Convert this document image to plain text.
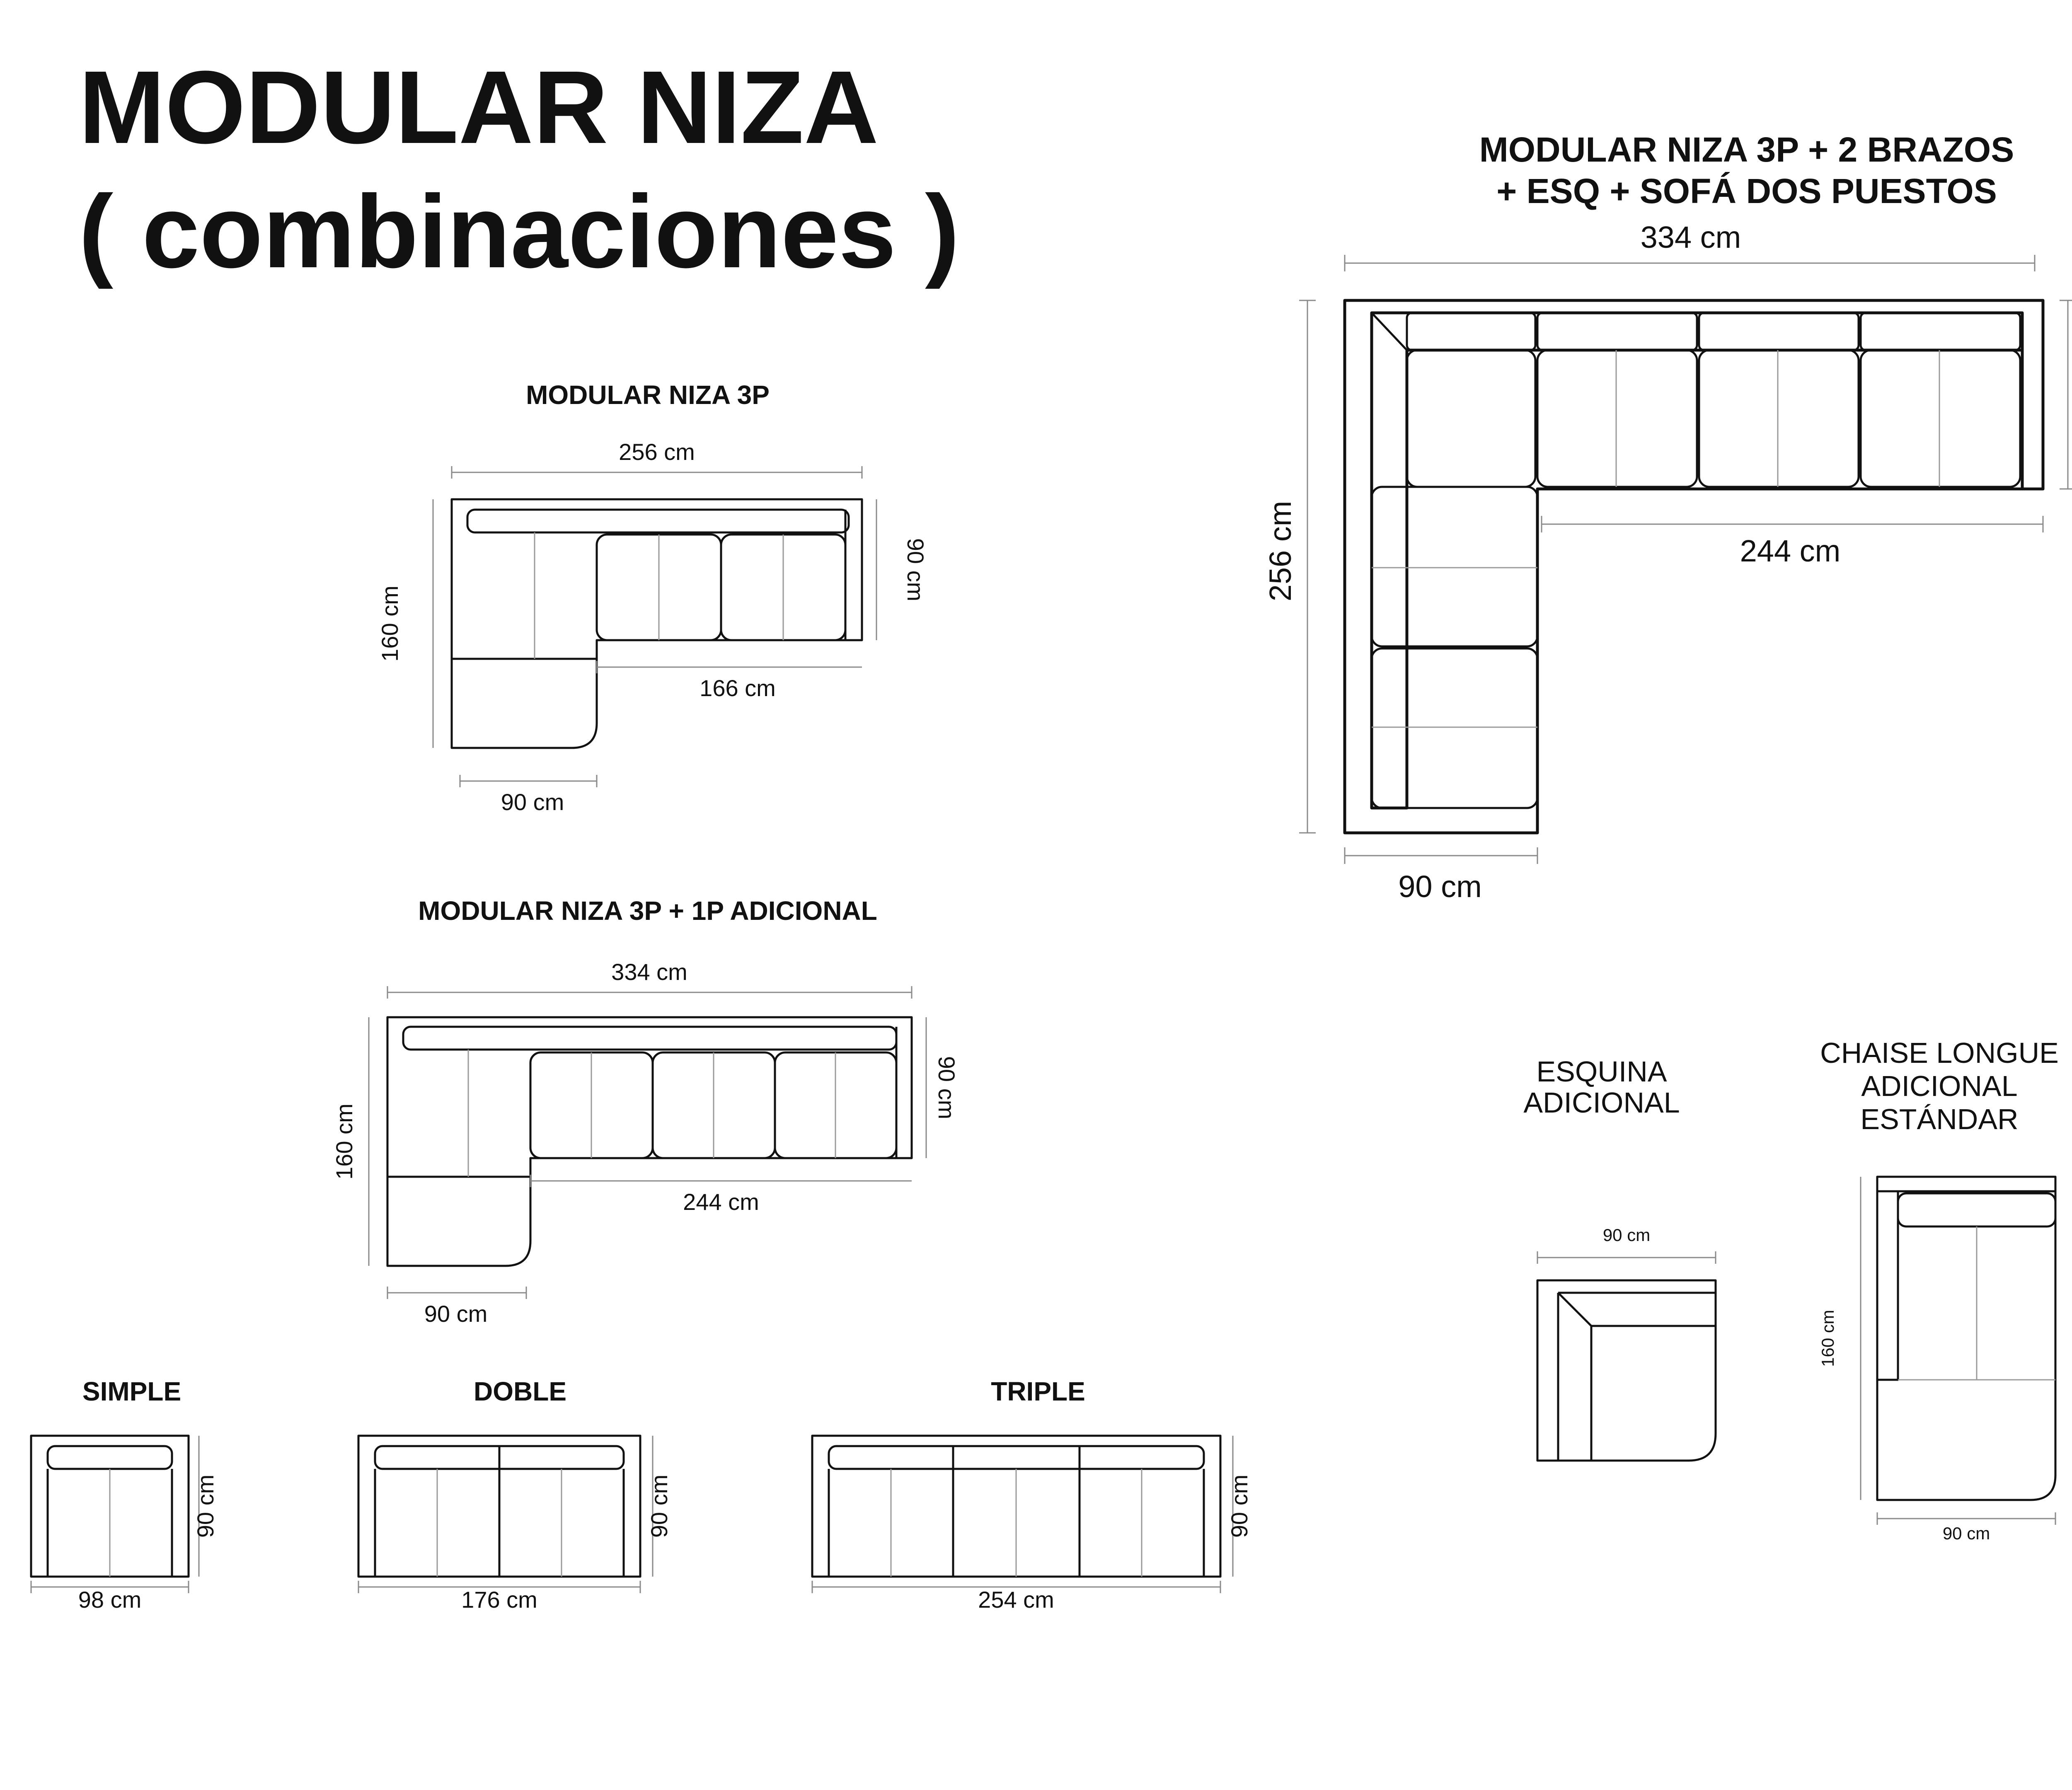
MODULAR NIZA
( combinaciones )
MODULAR NIZA 3P
256 cm
160 cm
90 cm
166 cm
90 cm
MODULAR NIZA 3P + 1P ADICIONAL
334 cm
160 cm
90 cm
244 cm
90 cm
MODULAR NIZA 3P + 2 BRAZOS
+ ESQ + SOFÁ DOS PUESTOS
334 cm
256 cm	244 cm
90 cm
SIMPLE
98 cm
90 cm
DOBLE
176 cm
90 cm
TRIPLE
254 cm
90 cm
ESQUINA
ADICIONAL
90 cm
CHAISE LONGUE
ADICIONAL
ESTÁNDAR
160 cm
90 cm
